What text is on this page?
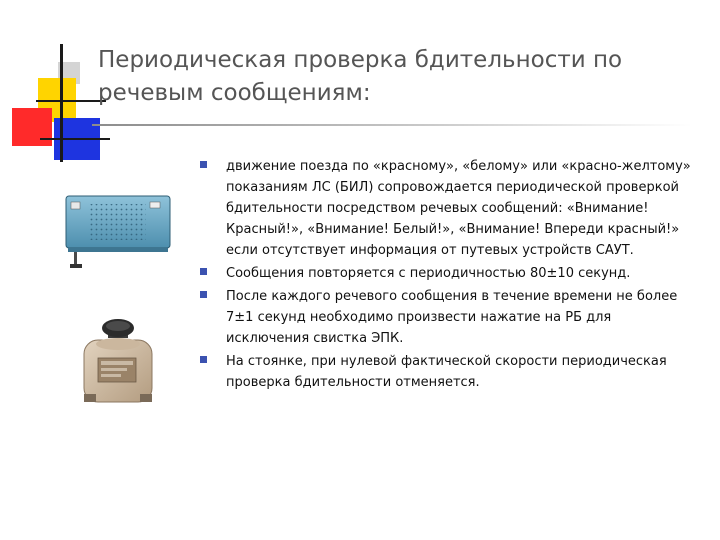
Периодическая проверка бдительности по речевым сообщениям:
движение поезда по «красному», «белому» или «красно-желтому» показаниям ЛС (БИЛ) сопровождается периодической проверкой бдительности посредством речевых сообщений: «Внимание! Красный!», «Внимание! Белый!», «Внимание! Впереди красный!» если отсутствует информация от путевых устройств САУТ.
Сообщения повторяется с периодичностью 80±10 секунд.
После каждого речевого сообщения в течение времени не более 7±1 секунд необходимо произвести нажатие на РБ для исключения свистка ЭПК.
На стоянке, при нулевой фактической скорости периодическая проверка бдительности отменяется.
